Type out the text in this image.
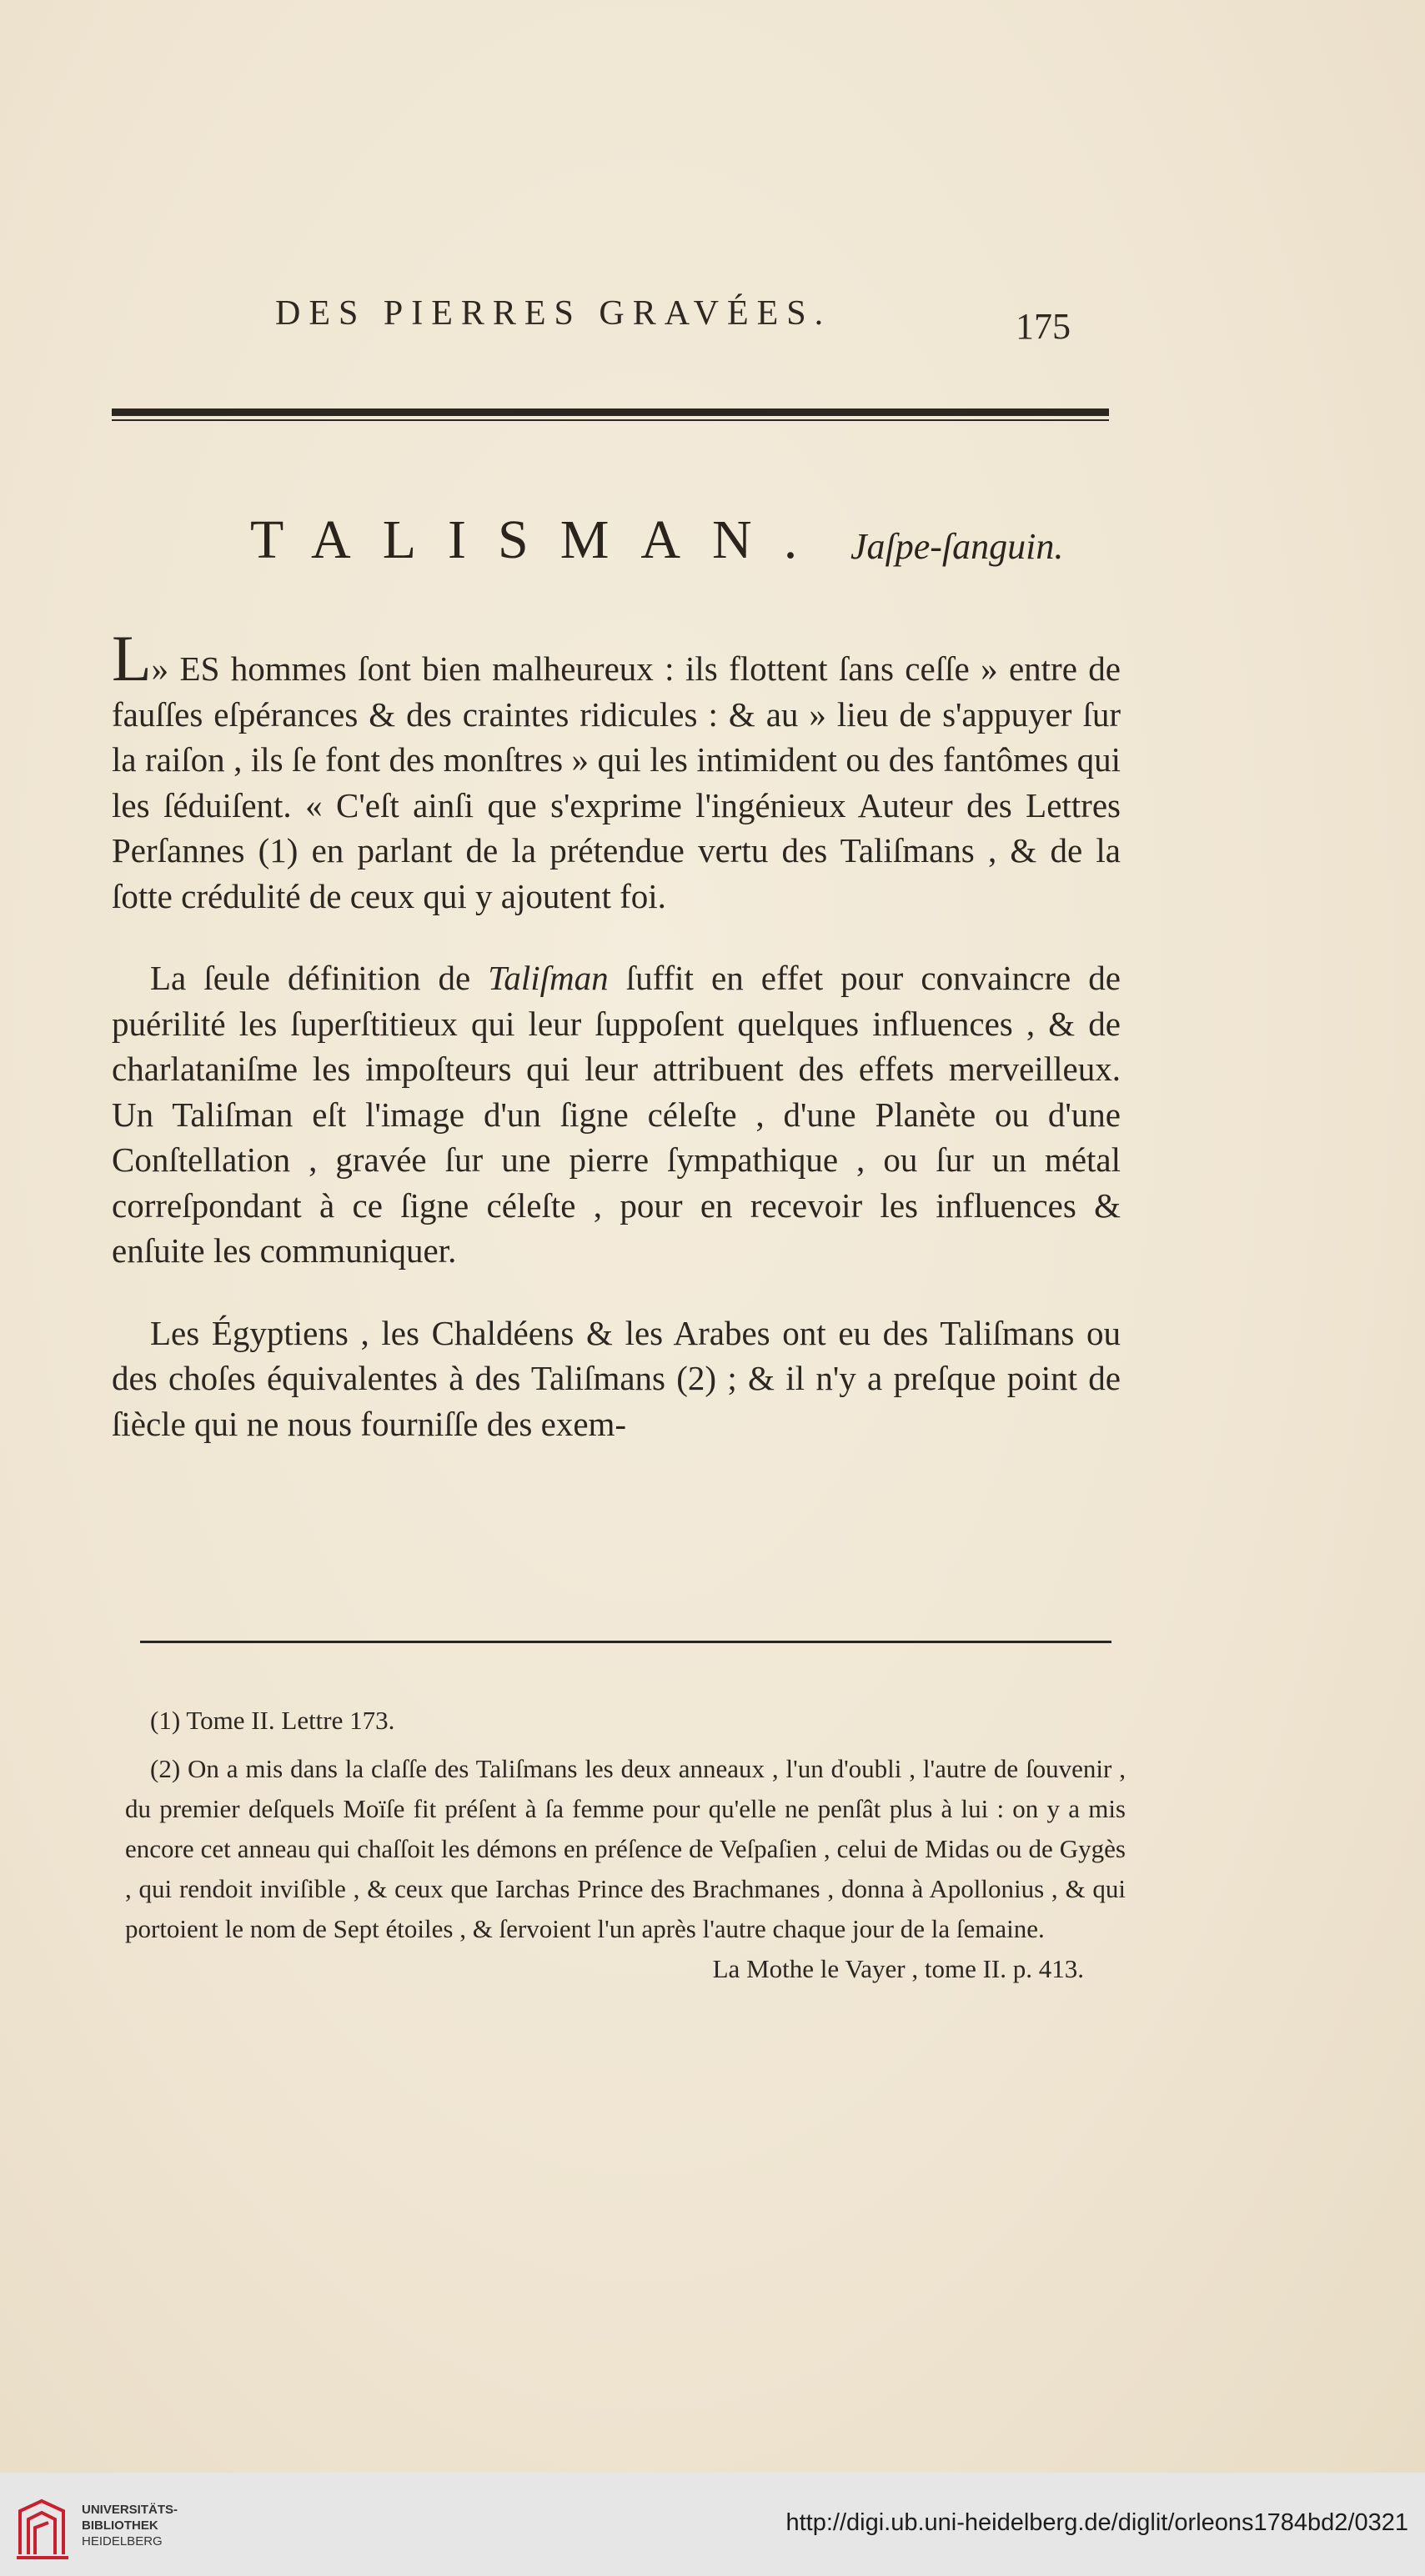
DES PIERRES GRAVÉES.	175
TALISMAN. Jaſpe-ſanguin.

L» ES hommes ſont bien malheureux : ils flottent ſans ceſſe » entre de fauſſes eſpérances & des craintes ridicules : & au » lieu de s'appuyer ſur la raiſon , ils ſe font des monſtres » qui les intimident ou des fantômes qui les ſéduiſent. « C'eſt ainſi que s'exprime l'ingénieux Auteur des Lettres Perſannes (1) en parlant de la prétendue vertu des Taliſmans , & de la ſotte crédulité de ceux qui y ajoutent foi.

La ſeule définition de Taliſman ſuffit en effet pour convaincre de puérilité les ſuperſtitieux qui leur ſuppoſent quelques influences , & de charlataniſme les impoſteurs qui leur attribuent des effets merveilleux. Un Taliſman eſt l'image d'un ſigne céleſte , d'une Planète ou d'une Conſtellation , gravée ſur une pierre ſympathique , ou ſur un métal correſpondant à ce ſigne céleſte , pour en recevoir les influences & enſuite les communiquer.

Les Égyptiens , les Chaldéens & les Arabes ont eu des Taliſmans ou des choſes équivalentes à des Taliſmans (2) ; & il n'y a preſque point de ſiècle qui ne nous fourniſſe des exem-

(1) Tome II. Lettre 173.

(2) On a mis dans la claſſe des Taliſmans les deux anneaux , l'un d'oubli , l'autre de ſouvenir , du premier deſquels Moïſe fit préſent à ſa femme pour qu'elle ne penſât plus à lui : on y a mis encore cet anneau qui chaſſoit les démons en préſence de Veſpaſien , celui de Midas ou de Gygès , qui rendoit inviſible , & ceux que Iarchas Prince des Brachmanes , donna à Apollonius , & qui portoient le nom de Sept étoiles , & ſervoient l'un après l'autre chaque jour de la ſemaine.

La Mothe le Vayer , tome II. p. 413.

UNIVERSITÄTS-
BIBLIOTHEK
HEIDELBERG
http://digi.ub.uni-heidelberg.de/diglit/orleons1784bd2/0321
